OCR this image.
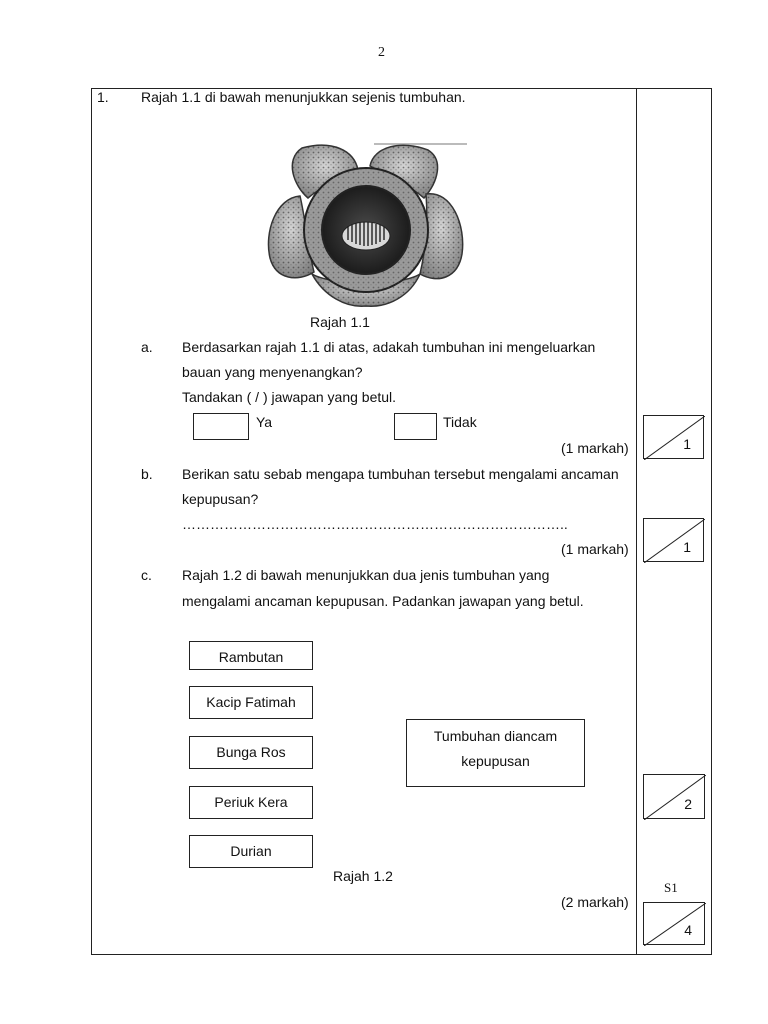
2
1. Rajah 1.1 di bawah menunjukkan sejenis tumbuhan.
Rajah 1.1
a. Berdasarkan rajah 1.1 di atas, adakah tumbuhan ini mengeluarkan
bauan yang menyenangkan?
Tandakan ( / ) jawapan yang betul.
Ya	Tidak
(1 markah)	1
b. Berikan satu sebab mengapa tumbuhan tersebut mengalami ancaman
kepupusan?
………………………………………………………………………..
(1 markah)	1
c. Rajah 1.2 di bawah menunjukkan dua jenis tumbuhan yang
mengalami ancaman kepupusan. Padankan jawapan yang betul.
Rambutan
Kacip Fatimah
Bunga Ros
Periuk Kera
Durian
Tumbuhan diancam
kepupusan
Rajah 1.2
(2 markah)
2
S1
4
